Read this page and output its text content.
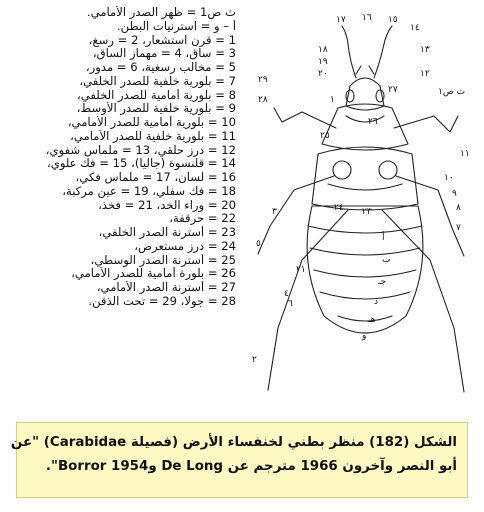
ث ص1 = ظهر الصدر الأمامي.
أ – و = استرنيات البطن.
1 = قرن استشعار، 2 = رسغ،
3 = ساق، 4 = مهماز الساق،
5 = مخالب رسغية، 6 = مدور،
7 = بلورية خلفية للصدر الخلفي،
8 = بلورية أمامية للصدر الخلفي،
9 = بلورية خلفية للصدر الأوسط،
10 = بلورية أمامية للصدر الأمامي،
11 = بلورية خلفية للصدر الأمامي،
12 = درز حلقي، 13 = ملماس شفوي،
14 = قلنسوة (جاليا)، 15 = فك علوي،
16 = لسان، 17 = ملماس فكي،
18 = فك سفلي، 19 = عين مركبة،
20 = وراء الخد، 21 = فخذ،
22 = حرقفة،
23 = أسترنة الصدر الخلفي،
24 = درز مستعرض،
25 = أسترنة الصدر الوسطي،
26 = بلورة أمامية للصدر الأمامي،
27 = أسترنة الصدر الأمامي،
28 = جولا، 29 = تحت الذقن.
١٧ ١٦ ١٥
١٤
١٨
١٩
٢٠
١٣
١٢
ث ص١
٢٩
٢٨
٢٧
٢٦
١١
٢٥
١٠
٩
٢٤	٨
٢٣
٧
٢١
٣
٥
٤
٢
٦
١
أ
ب
جـ
د
هـ
و
الشكل (182) منظر بطني لخنفساء الأرض (فصيلة Carabidae) "عن
أبو النصر وآخرون 1966 مترجم عن De Long وBorror 1954".
